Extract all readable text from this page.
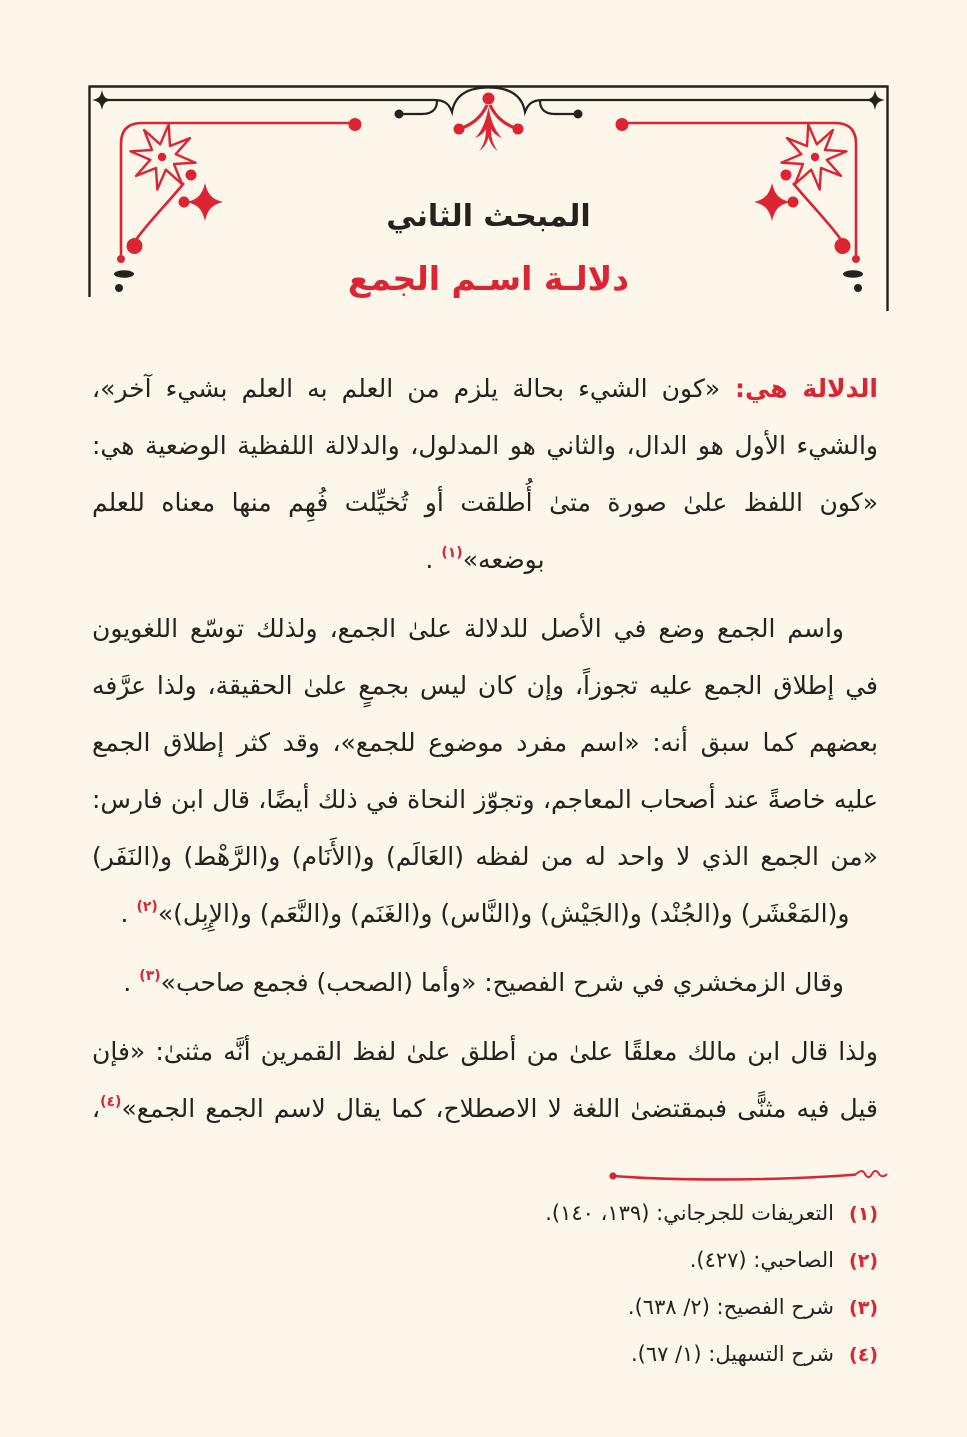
المبحث الثاني
دلالـة اسـم الجمع

الدلالة هي: «كون الشيء بحالة يلزم من العلم به العلم بشيء آخر»، والشيء الأول هو الدال، والثاني هو المدلول، والدلالة اللفظية الوضعية هي: «كون اللفظ علىٰ صورة متىٰ أُطلقت أو تُخيِّلت فُهِم منها معناه للعلم بوضعه»$^{(١)}$ .

واسم الجمع وضع في الأصل للدلالة علىٰ الجمع، ولذلك توسّع اللغويون في إطلاق الجمع عليه تجوزاً، وإن كان ليس بجمعٍ علىٰ الحقيقة، ولذا عرَّفه بعضهم كما سبق أنه: «اسم مفرد موضوع للجمع»، وقد كثر إطلاق الجمع عليه خاصةً عند أصحاب المعاجم، وتجوّز النحاة في ذلك أيضًا، قال ابن فارس: «من الجمع الذي لا واحد له من لفظه (العَالَم) و(الأَنَام) و(الرَّهْط) و(النَفَر) و(المَعْشَر) و(الجُنْد) و(الجَيْش) و(النَّاس) و(الغَنَم) و(النَّعَم) و(الإِبِل)»$^{(٢)}$ .

وقال الزمخشري في شرح الفصيح: «وأما (الصحب) فجمع صاحب»$^{(٣)}$ .

ولذا قال ابن مالك معلقًا علىٰ من أطلق علىٰ لفظ القمرين أنَّه مثنىٰ: «فإن قيل فيه مثنًّى فبمقتضىٰ اللغة لا الاصطلاح، كما يقال لاسم الجمع الجمع»$^{(٤)}$،

(١)التعريفات للجرجاني: (١٣٩، ١٤٠).
(٢)الصاحبي: (٤٢٧).
(٣)شرح الفصيح: (٢/ ٦٣٨).
(٤)شرح التسهيل: (١/ ٦٧).
